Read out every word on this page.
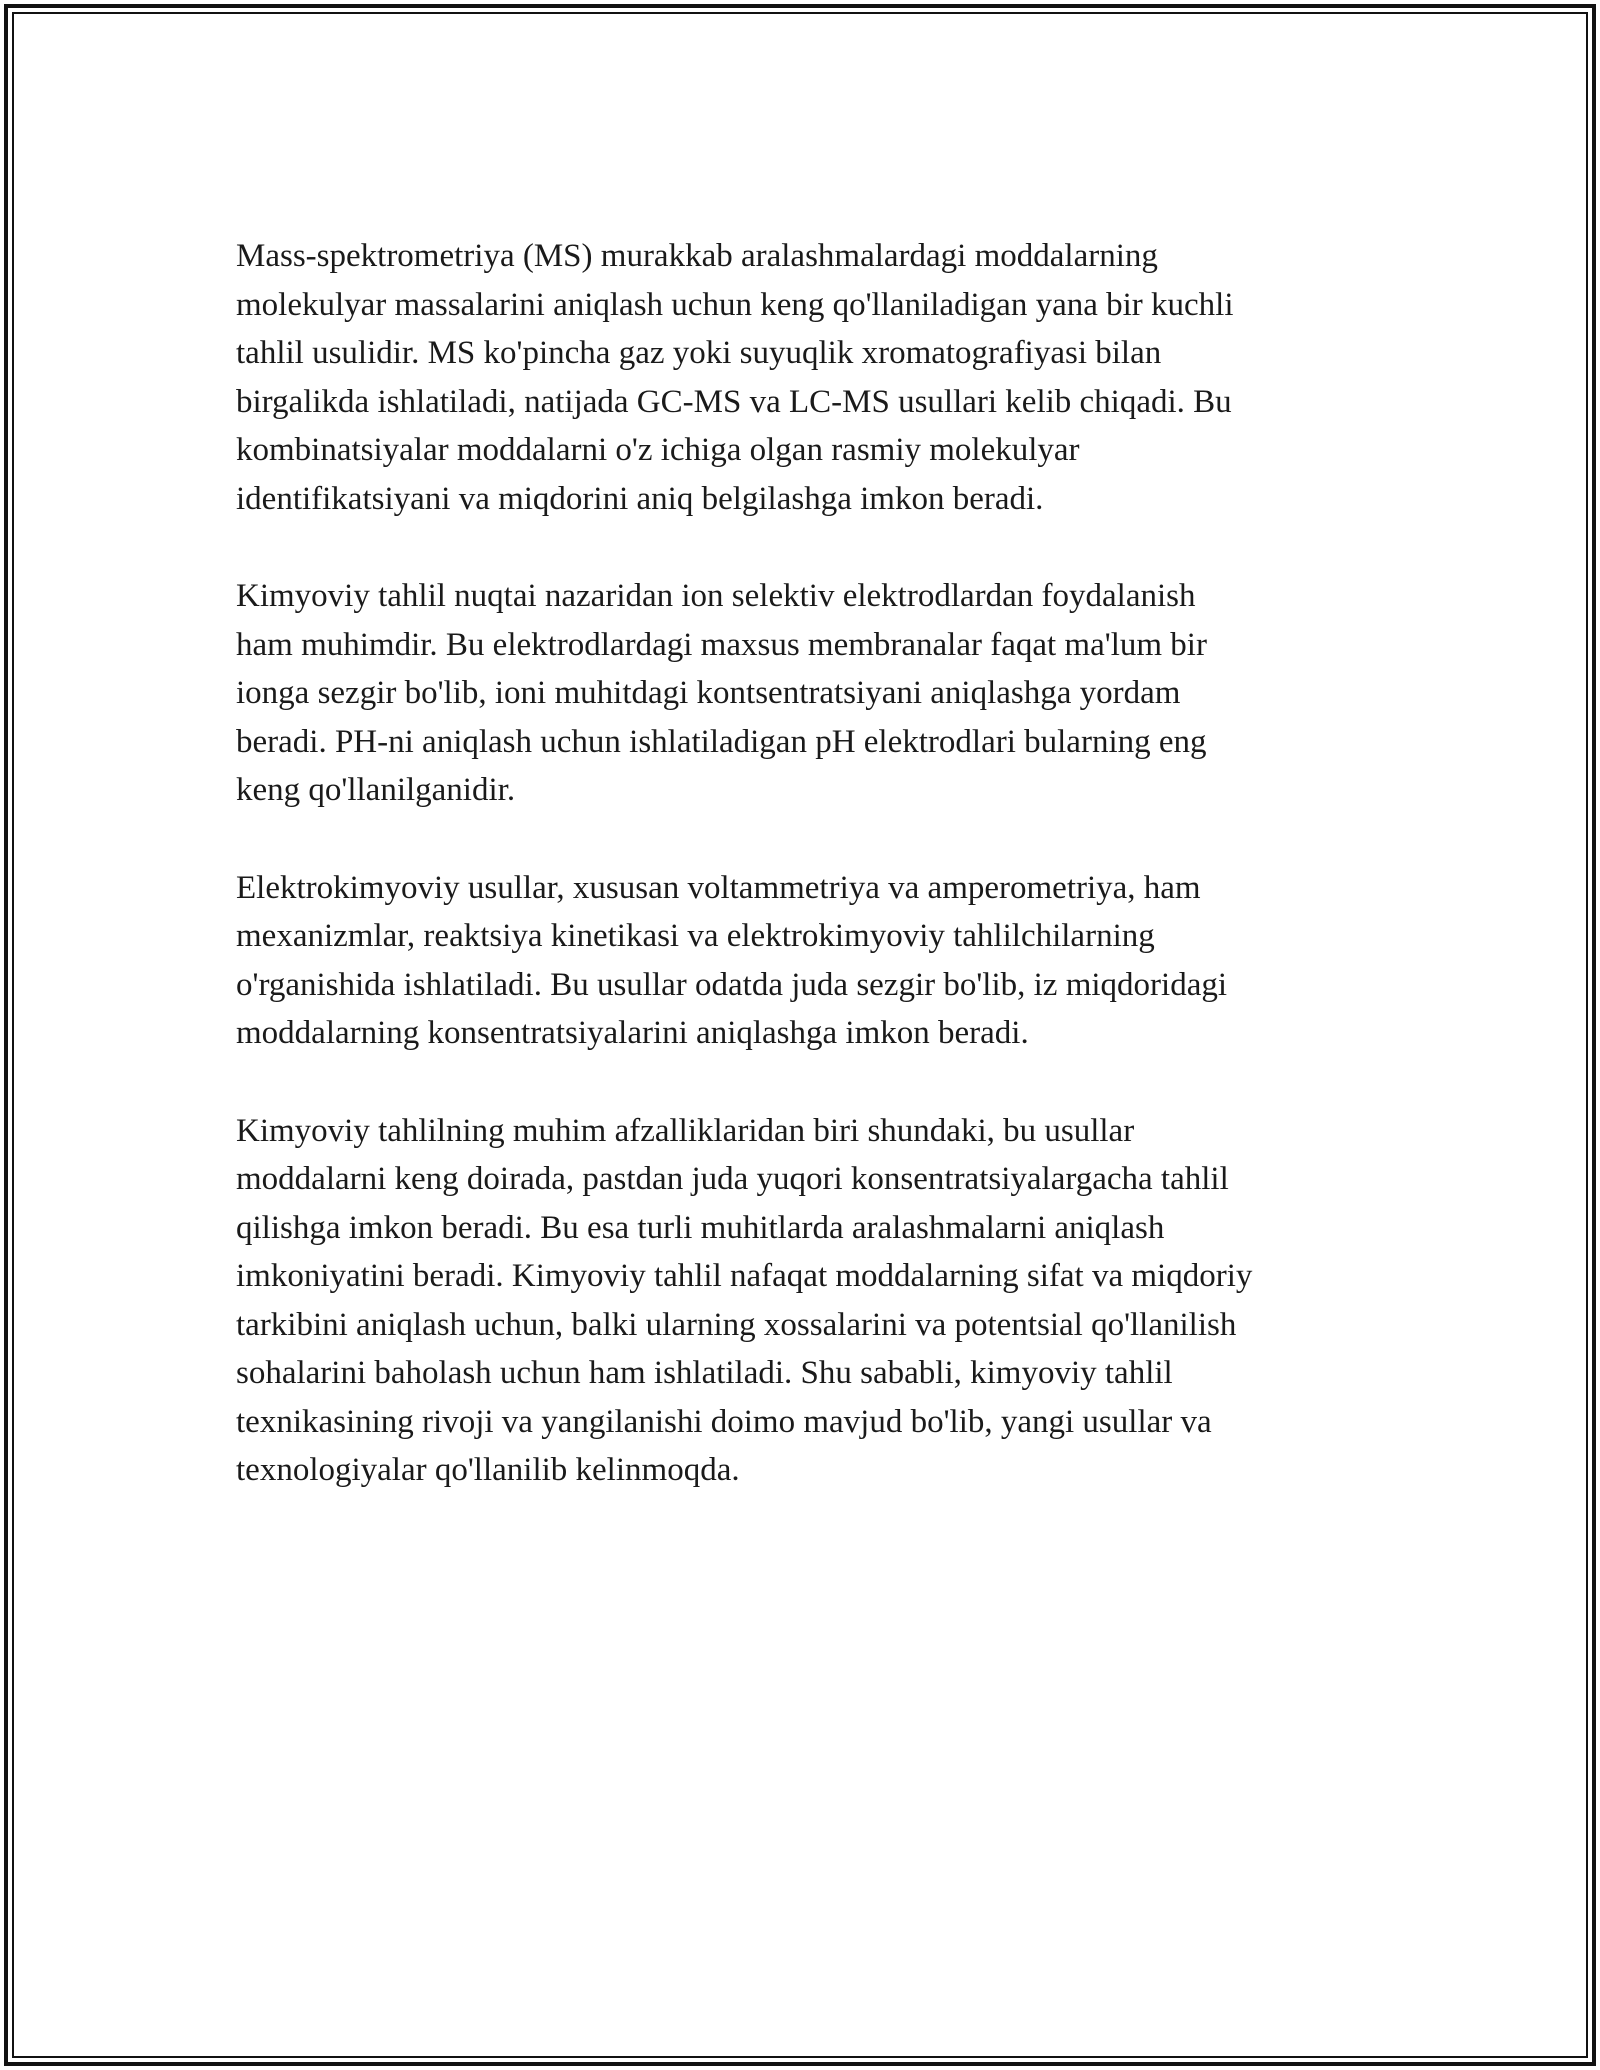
Mass-spektrometriya (MS) murakkab aralashmalardagi moddalarning
molekulyar massalarini aniqlash uchun keng qo'llaniladigan yana bir kuchli
tahlil usulidir. MS ko'pincha gaz yoki suyuqlik xromatografiyasi bilan
birgalikda ishlatiladi, natijada GC-MS va LC-MS usullari kelib chiqadi. Bu
kombinatsiyalar moddalarni o'z ichiga olgan rasmiy molekulyar
identifikatsiyani va miqdorini aniq belgilashga imkon beradi.

Kimyoviy tahlil nuqtai nazaridan ion selektiv elektrodlardan foydalanish
ham muhimdir. Bu elektrodlardagi maxsus membranalar faqat ma'lum bir
ionga sezgir bo'lib, ioni muhitdagi kontsentratsiyani aniqlashga yordam
beradi. PH-ni aniqlash uchun ishlatiladigan pH elektrodlari bularning eng
keng qo'llanilganidir.

Elektrokimyoviy usullar, xususan voltammetriya va amperometriya, ham
mexanizmlar, reaktsiya kinetikasi va elektrokimyoviy tahlilchilarning
o'rganishida ishlatiladi. Bu usullar odatda juda sezgir bo'lib, iz miqdoridagi
moddalarning konsentratsiyalarini aniqlashga imkon beradi.

Kimyoviy tahlilning muhim afzalliklaridan biri shundaki, bu usullar
moddalarni keng doirada, pastdan juda yuqori konsentratsiyalargacha tahlil
qilishga imkon beradi. Bu esa turli muhitlarda aralashmalarni aniqlash
imkoniyatini beradi. Kimyoviy tahlil nafaqat moddalarning sifat va miqdoriy
tarkibini aniqlash uchun, balki ularning xossalarini va potentsial qo'llanilish
sohalarini baholash uchun ham ishlatiladi. Shu sababli, kimyoviy tahlil
texnikasining rivoji va yangilanishi doimo mavjud bo'lib, yangi usullar va
texnologiyalar qo'llanilib kelinmoqda.
